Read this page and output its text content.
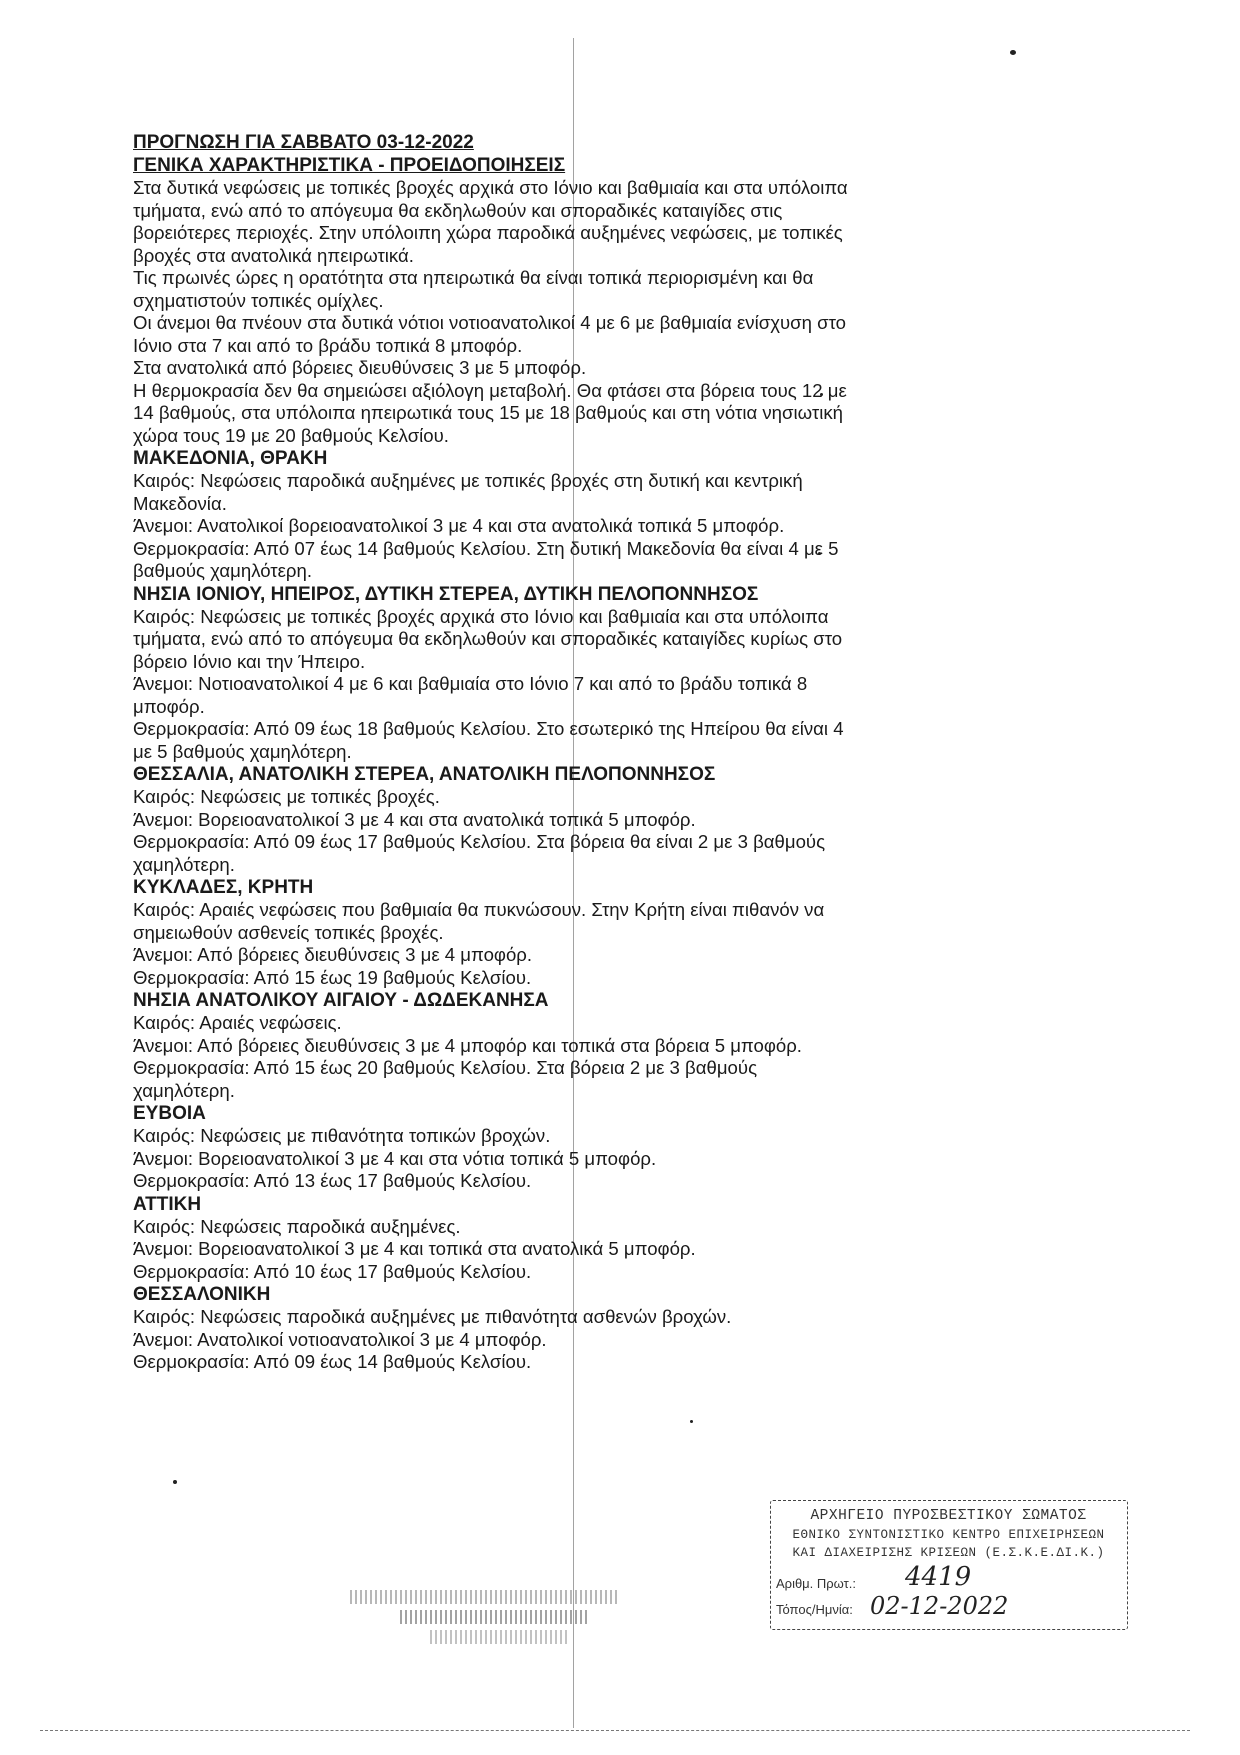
ΠΡΟΓΝΩΣΗ ΓΙΑ ΣΑΒΒΑΤΟ 03-12-2022

ΓΕΝΙΚΑ ΧΑΡΑΚΤΗΡΙΣΤΙΚΑ - ΠΡΟΕΙΔΟΠΟΙΗΣΕΙΣ

Στα δυτικά νεφώσεις με τοπικές βροχές αρχικά στο Ιόνιο και βαθμιαία και στα υπόλοιπα τμήματα, ενώ από το απόγευμα θα εκδηλωθούν και σποραδικές καταιγίδες στις βορειότερες περιοχές. Στην υπόλοιπη χώρα παροδικά αυξημένες νεφώσεις, με τοπικές βροχές στα ανατολικά ηπειρωτικά.

Τις πρωινές ώρες η ορατότητα στα ηπειρωτικά θα είναι τοπικά περιορισμένη και θα σχηματιστούν τοπικές ομίχλες.

Οι άνεμοι θα πνέουν στα δυτικά νότιοι νοτιοανατολικοί 4 με 6 με βαθμιαία ενίσχυση στο Ιόνιο στα 7 και από το βράδυ τοπικά 8 μποφόρ.

Στα ανατολικά από βόρειες διευθύνσεις 3 με 5 μποφόρ.

Η θερμοκρασία δεν θα σημειώσει αξιόλογη μεταβολή. Θα φτάσει στα βόρεια τους 12 με 14 βαθμούς, στα υπόλοιπα ηπειρωτικά τους 15 με 18 βαθμούς και στη νότια νησιωτική χώρα τους 19 με 20 βαθμούς Κελσίου.

ΜΑΚΕΔΟΝΙΑ, ΘΡΑΚΗ

Καιρός: Νεφώσεις παροδικά αυξημένες με τοπικές βροχές στη δυτική και κεντρική Μακεδονία.

Άνεμοι: Ανατολικοί βορειοανατολικοί 3 με 4 και στα ανατολικά τοπικά 5 μποφόρ.

Θερμοκρασία: Από 07 έως 14 βαθμούς Κελσίου. Στη δυτική Μακεδονία θα είναι 4 με 5 βαθμούς χαμηλότερη.

ΝΗΣΙΑ ΙΟΝΙΟΥ, ΗΠΕΙΡΟΣ, ΔΥΤΙΚΗ ΣΤΕΡΕΑ, ΔΥΤΙΚΗ ΠΕΛΟΠΟΝΝΗΣΟΣ

Καιρός: Νεφώσεις με τοπικές βροχές αρχικά στο Ιόνιο και βαθμιαία και στα υπόλοιπα τμήματα, ενώ από το απόγευμα θα εκδηλωθούν και σποραδικές καταιγίδες κυρίως στο βόρειο Ιόνιο και την Ήπειρο.

Άνεμοι: Νοτιοανατολικοί 4 με 6 και βαθμιαία στο Ιόνιο 7 και από το βράδυ τοπικά 8 μποφόρ.

Θερμοκρασία: Από 09 έως 18 βαθμούς Κελσίου. Στο εσωτερικό της Ηπείρου θα είναι 4 με 5 βαθμούς χαμηλότερη.

ΘΕΣΣΑΛΙΑ, ΑΝΑΤΟΛΙΚΗ ΣΤΕΡΕΑ, ΑΝΑΤΟΛΙΚΗ ΠΕΛΟΠΟΝΝΗΣΟΣ

Καιρός: Νεφώσεις με τοπικές βροχές.

Άνεμοι: Βορειοανατολικοί 3 με 4 και στα ανατολικά τοπικά 5 μποφόρ.

Θερμοκρασία: Από 09 έως 17 βαθμούς Κελσίου. Στα βόρεια θα είναι 2 με 3 βαθμούς χαμηλότερη.

ΚΥΚΛΑΔΕΣ, ΚΡΗΤΗ

Καιρός: Αραιές νεφώσεις που βαθμιαία θα πυκνώσουν. Στην Κρήτη είναι πιθανόν να σημειωθούν ασθενείς τοπικές βροχές.

Άνεμοι: Από βόρειες διευθύνσεις 3 με 4 μποφόρ.

Θερμοκρασία: Από 15 έως 19 βαθμούς Κελσίου.

ΝΗΣΙΑ ΑΝΑΤΟΛΙΚΟΥ ΑΙΓΑΙΟΥ - ΔΩΔΕΚΑΝΗΣΑ

Καιρός: Αραιές νεφώσεις.

Άνεμοι: Από βόρειες διευθύνσεις 3 με 4 μποφόρ και τοπικά στα βόρεια 5 μποφόρ.

Θερμοκρασία: Από 15 έως 20 βαθμούς Κελσίου. Στα βόρεια 2 με 3 βαθμούς χαμηλότερη.

ΕΥΒΟΙΑ

Καιρός: Νεφώσεις με πιθανότητα τοπικών βροχών.

Άνεμοι: Βορειοανατολικοί 3 με 4 και στα νότια τοπικά 5 μποφόρ.

Θερμοκρασία: Από 13 έως 17 βαθμούς Κελσίου.

ΑΤΤΙΚΗ

Καιρός: Νεφώσεις παροδικά αυξημένες.

Άνεμοι: Βορειοανατολικοί 3 με 4 και τοπικά στα ανατολικά 5 μποφόρ.

Θερμοκρασία: Από 10 έως 17 βαθμούς Κελσίου.

ΘΕΣΣΑΛΟΝΙΚΗ

Καιρός: Νεφώσεις παροδικά αυξημένες με πιθανότητα ασθενών βροχών.

Άνεμοι: Ανατολικοί νοτιοανατολικοί 3 με 4 μποφόρ.

Θερμοκρασία: Από 09 έως 14 βαθμούς Κελσίου.

ΑΡΧΗΓΕΙΟ ΠΥΡΟΣΒΕΣΤΙΚΟΥ ΣΩΜΑΤΟΣ
ΕΘΝΙΚΟ ΣΥΝΤΟΝΙΣΤΙΚΟ ΚΕΝΤΡΟ ΕΠΙΧΕΙΡΗΣΕΩΝ
ΚΑΙ ΔΙΑΧΕΙΡΙΣΗΣ ΚΡΙΣΕΩΝ (Ε.Σ.Κ.Ε.ΔΙ.Κ.)
Αριθμ. Πρωτ.: 4419
Τόπος/Ημνία: 02-12-2022
